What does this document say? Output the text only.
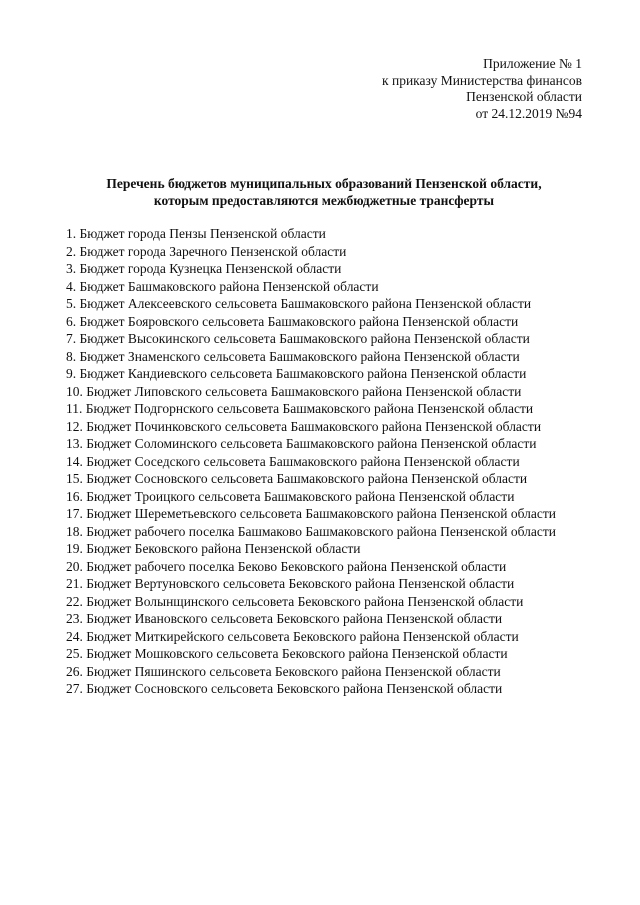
Приложение № 1
к приказу Министерства финансов
Пензенской области
от 24.12.2019 №94
Перечень бюджетов муниципальных образований Пензенской области,
которым предоставляются межбюджетные трансферты
1. Бюджет города Пензы Пензенской области
2. Бюджет города Заречного Пензенской области
3. Бюджет города Кузнецка Пензенской области
4. Бюджет Башмаковского района Пензенской области
5. Бюджет Алексеевского сельсовета Башмаковского района Пензенской области
6. Бюджет Бояровского сельсовета Башмаковского района Пензенской области
7. Бюджет Высокинского сельсовета Башмаковского района Пензенской области
8. Бюджет Знаменского сельсовета Башмаковского района Пензенской области
9. Бюджет Кандиевского сельсовета Башмаковского района Пензенской области
10. Бюджет Липовского сельсовета Башмаковского района Пензенской области
11. Бюджет Подгорнского сельсовета Башмаковского района Пензенской области
12. Бюджет Починковского сельсовета Башмаковского района Пензенской области
13. Бюджет Соломинского сельсовета Башмаковского района Пензенской области
14. Бюджет Соседского сельсовета Башмаковского района Пензенской области
15. Бюджет Сосновского сельсовета Башмаковского района Пензенской области
16. Бюджет Троицкого сельсовета Башмаковского района Пензенской области
17. Бюджет Шереметьевского сельсовета Башмаковского района Пензенской области
18. Бюджет рабочего поселка Башмаково Башмаковского района Пензенской области
19. Бюджет Бековского района Пензенской области
20. Бюджет рабочего поселка Беково Бековского района Пензенской области
21. Бюджет Вертуновского сельсовета Бековского района Пензенской области
22. Бюджет Волынщинского сельсовета Бековского района Пензенской области
23. Бюджет Ивановского сельсовета Бековского района Пензенской области
24. Бюджет Миткирейского сельсовета Бековского района Пензенской области
25. Бюджет Мошковского сельсовета Бековского района Пензенской области
26. Бюджет Пяшинского сельсовета Бековского района Пензенской области
27. Бюджет Сосновского сельсовета Бековского района Пензенской области
